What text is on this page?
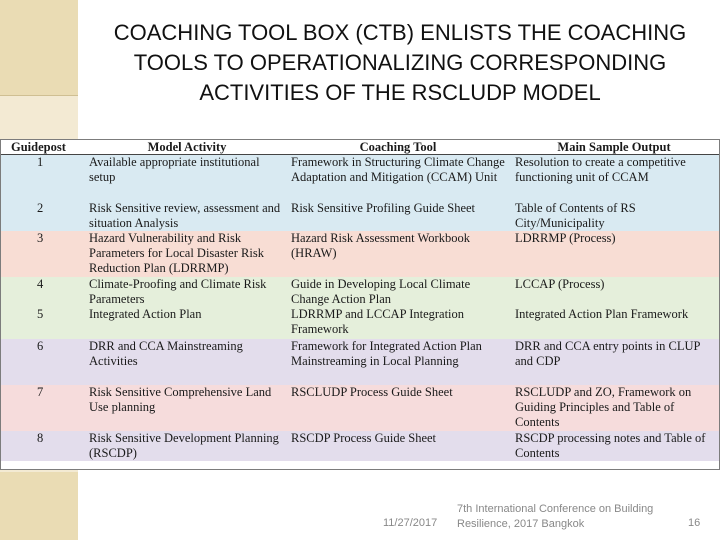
COACHING TOOL BOX (CTB) ENLISTS THE COACHING TOOLS TO OPERATIONALIZING CORRESPONDING ACTIVITIES OF THE RSCLUDP MODEL
Guidepost	Model Activity	Coaching Tool	Main Sample Output
1	Available appropriate institutional setup	Framework in Structuring Climate Change Adaptation and Mitigation (CCAM) Unit	Resolution to create a competitive functioning unit of CCAM
2	Risk Sensitive review, assessment and situation Analysis	Risk Sensitive Profiling Guide Sheet	Table of Contents of RS City/Municipality
3	Hazard Vulnerability and Risk Parameters for Local Disaster Risk Reduction Plan (LDRRMP)	Hazard Risk Assessment Workbook (HRAW)	LDRRMP (Process)
4	Climate-Proofing and Climate Risk Parameters	Guide in Developing Local Climate Change Action Plan	LCCAP (Process)
5	Integrated Action Plan	LDRRMP and LCCAP Integration Framework	Integrated Action Plan Framework
6	DRR and CCA Mainstreaming Activities	Framework for Integrated Action Plan Mainstreaming in Local Planning	DRR and CCA entry points in CLUP and CDP
7	Risk Sensitive Comprehensive Land Use planning	RSCLUDP Process Guide Sheet	RSCLUDP and ZO, Framework on Guiding Principles and Table of Contents
8	Risk Sensitive Development Planning (RSCDP)	RSCDP Process Guide Sheet	RSCDP processing notes and Table of Contents
11/27/2017
7th International Conference on Building Resilience, 2017 Bangkok	16
